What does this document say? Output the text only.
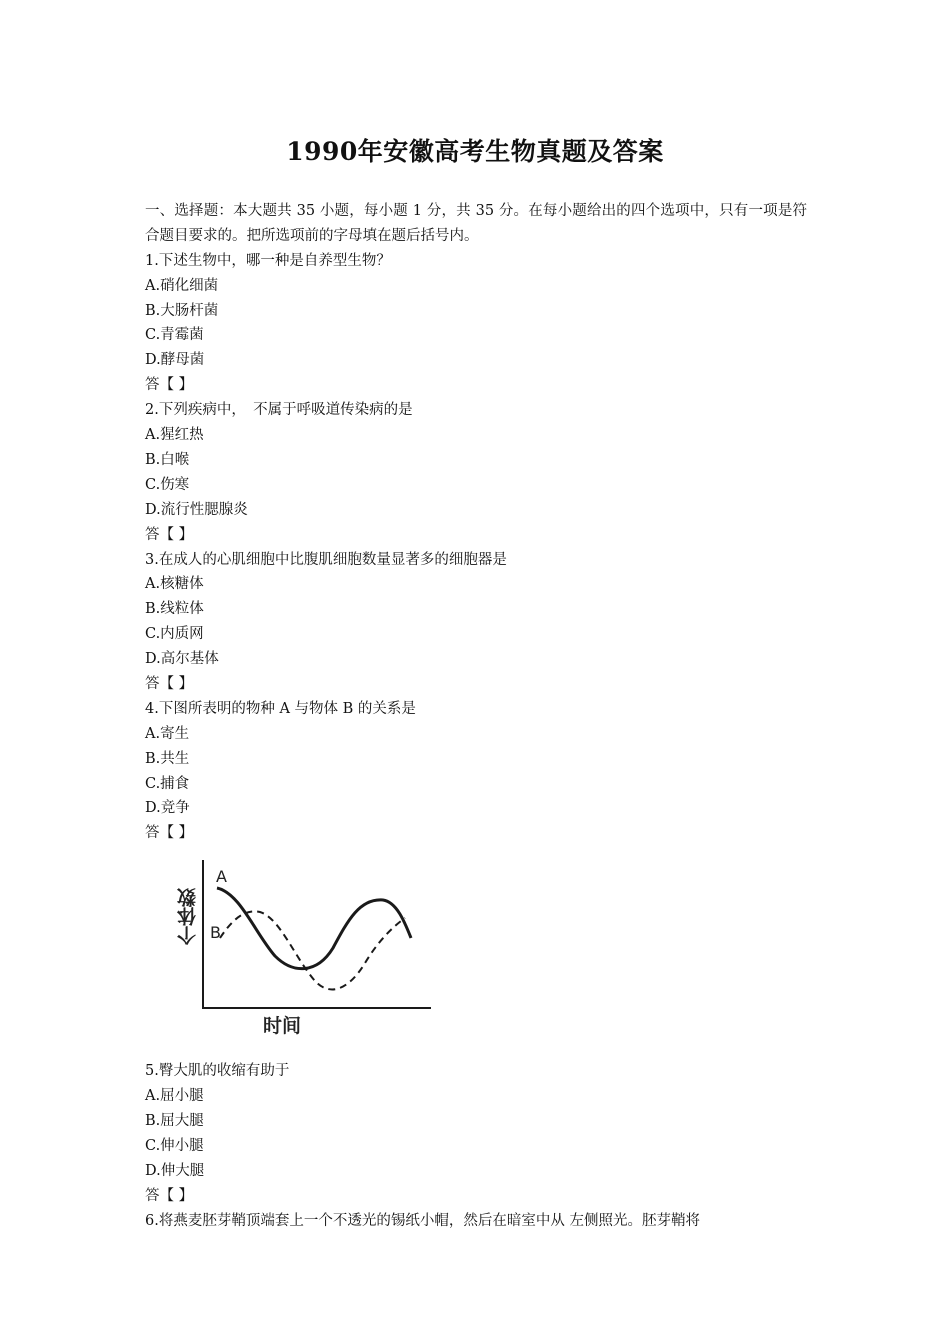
1990年安徽高考生物真题及答案
一、选择题：本大题共 35 小题，每小题 1 分，共 35 分。在每小题给出的四个选项中，只有一项是符合题目要求的。把所选项前的字母填在题后括号内。
1.下述生物中，哪一种是自养型生物？
A.硝化细菌
B.大肠杆菌
C.青霉菌
D.酵母菌
答【 】
2.下列疾病中，　不属于呼吸道传染病的是
A.猩红热
B.白喉
C.伤寒
D.流行性腮腺炎
答【 】
3.在成人的心肌细胞中比腹肌细胞数量显著多的细胞器是
A.核糖体
B.线粒体
C.内质网
D.高尔基体
答【 】
4.下图所表明的物种 A 与物体 B 的关系是
A.寄生
B.共生
C.捕食
D.竞争
答【 】
A
B
个体数
时间
5.臀大肌的收缩有助于
A.屈小腿
B.屈大腿
C.伸小腿
D.伸大腿
答【 】
6.将燕麦胚芽鞘顶端套上一个不透光的锡纸小帽，然后在暗室中从 左侧照光。胚芽鞘将
